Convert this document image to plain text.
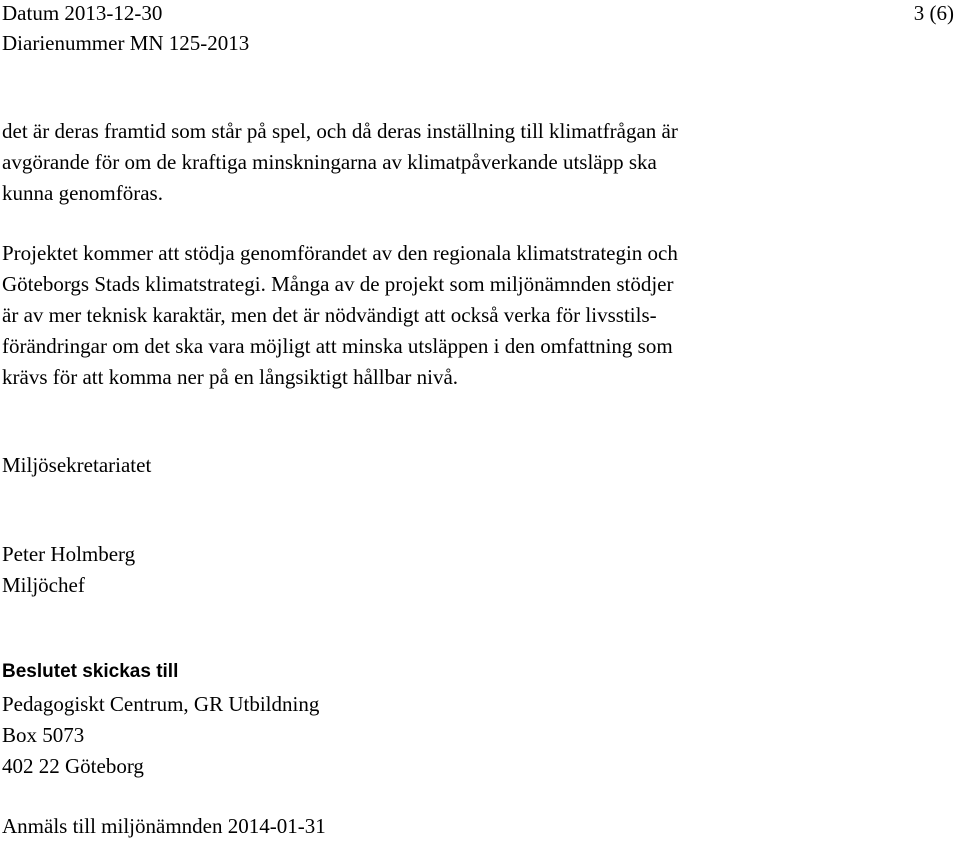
Datum 2013-12-30
Diarienummer MN 125-2013
3 (6)
det är deras framtid som står på spel, och då deras inställning till klimatfrågan är
avgörande för om de kraftiga minskningarna av klimatpåverkande utsläpp ska
kunna genomföras.
Projektet kommer att stödja genomförandet av den regionala klimatstrategin och
Göteborgs Stads klimatstrategi. Många av de projekt som miljönämnden stödjer
är av mer teknisk karaktär, men det är nödvändigt att också verka för livsstils-
förändringar om det ska vara möjligt att minska utsläppen i den omfattning som
krävs för att komma ner på en långsiktigt hållbar nivå.
Miljösekretariatet
Peter Holmberg
Miljöchef
Beslutet skickas till
Pedagogiskt Centrum, GR Utbildning
Box 5073
402 22 Göteborg
Anmäls till miljönämnden 2014-01-31
